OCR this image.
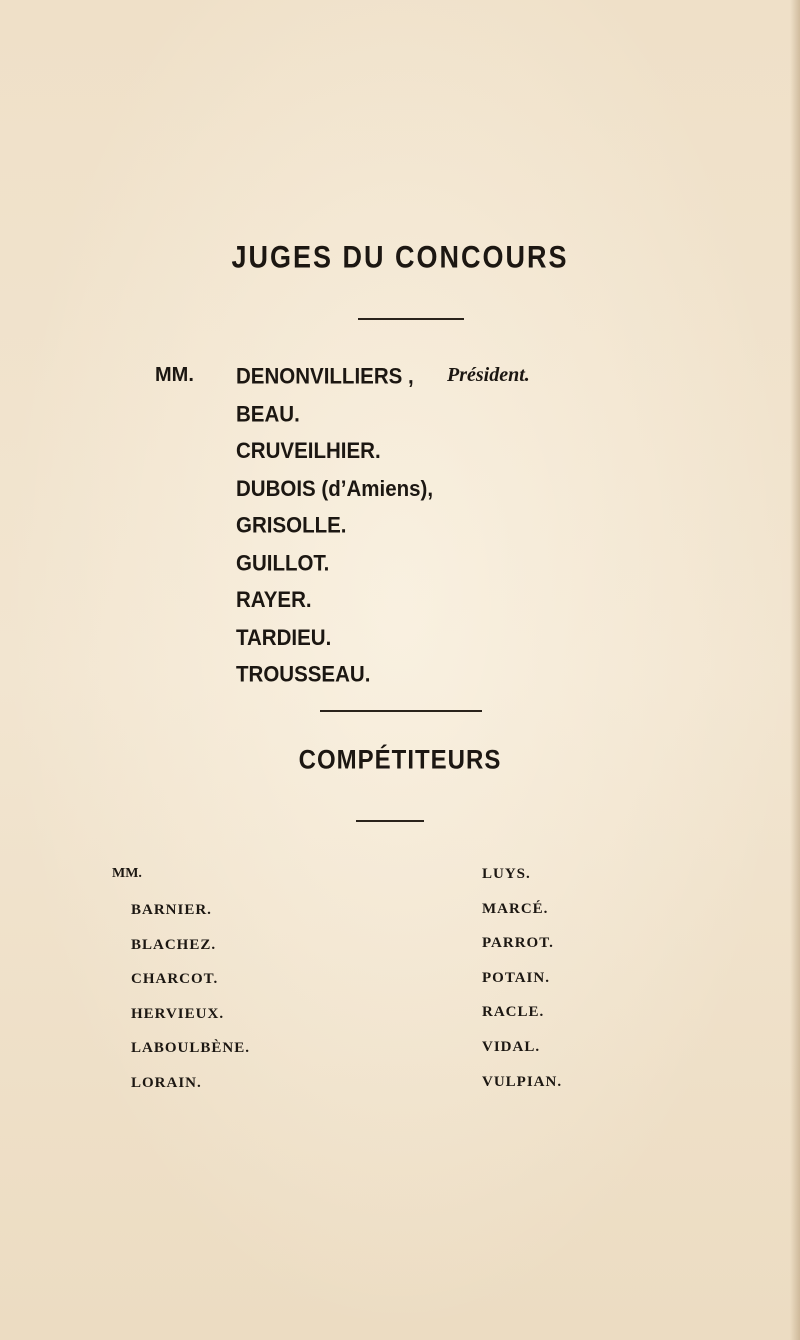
JUGES DU CONCOURS
MM. DENONVILLIERS ,
BEAU.
CRUVEILHIER.
DUBOIS (d’Amiens),
GRISOLLE.
GUILLOT.
RAYER.
TARDIEU.
TROUSSEAU.
Président.
COMPÉTITEURS
MM.
BARNIER.
BLACHEZ.
CHARCOT.
HERVIEUX.
LABOULBÈNE.
LORAIN.
LUYS.
MARCÉ.
PARROT.
POTAIN.
RACLE.
VIDAL.
VULPIAN.
